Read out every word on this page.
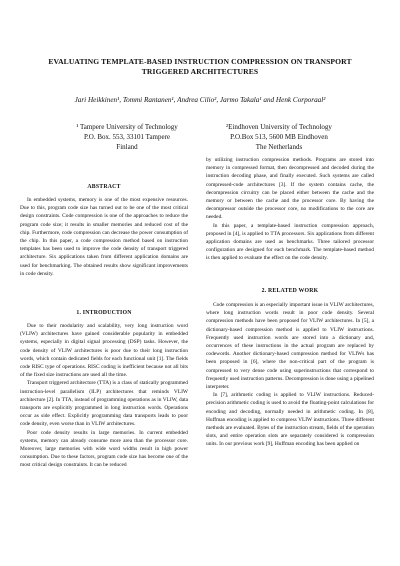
EVALUATING TEMPLATE-BASED INSTRUCTION COMPRESSION ON TRANSPORT TRIGGERED ARCHITECTURES
Jari Heikkinen¹, Tommi Rantanen¹, Andrea Cilio², Jarmo Takala¹ and Henk Corporaal²
¹ Tampere University of Technology
P.O. Box. 553, 33101 Tampere
Finland
²Eindhoven University of Technology
P.O.Box 513, 5600 MB Eindhoven
The Netherlands
ABSTRACT

In embedded systems, memory is one of the most expensive resources. Due to this, program code size has turned out to be one of the most critical design constraints. Code compression is one of the approaches to reduce the program code size; it results in smaller memories and reduced cost of the chip. Furthermore, code compression can decrease the power consumption of the chip. In this paper, a code compression method based on instruction templates has been used to improve the code density of transport triggered architecture. Six applications taken from different application domains are used for benchmarking. The obtained results show significant improvements in code density.

1. INTRODUCTION

Due to their modularity and scalability, very long instruction word (VLIW) architectures have gained considerable popularity in embedded systems, especially in digital signal processing (DSP) tasks. However, the code density of VLIW architectures is poor due to their long instruction words, which contain dedicated fields for each functional unit [1]. The fields code RISC type of operations. RISC coding is inefficient because not all bits of the fixed size instructions are used all the time.

Transport triggered architecture (TTA) is a class of statically programmed instruction-level parallelism (ILP) architectures that reminds VLIW architecture [2]. In TTA, instead of programming operations as in VLIW, data transports are explicitly programmed in long instruction words. Operations occur as side effect. Explicitly programming data transports leads to poor code density, even worse than in VLIW architectures.

Poor code density results in large memories. In current embedded systems, memory can already consume more area than the processor core. Moreover, large memories with wide word widths result in high power consumption. Due to these factors, program code size has become one of the most critical design constraints. It can be reduced

by utilizing instruction compression methods. Programs are stored into memory in compressed format, then decompressed and decoded during the instruction decoding phase, and finally executed. Such systems are called compressed-code architectures [3]. If the system contains cache, the decompression circuitry can be placed either between the cache and the memory or between the cache and the processor core. By having the decompressor outside the processor core, no modifications to the core are needed.

In this paper, a template-based instruction compression approach, proposed in [4], is applied to TTA processors. Six applications from different application domains are used as benchmarks. Three tailored processor configuration are designed for each benchmark. The template-based method is then applied to evaluate the effect on the code density.

2. RELATED WORK

Code compression is an especially important issue in VLIW architectures, where long instruction words result in poor code density. Several compression methods have been proposed for VLIW architectures. In [5], a dictionary-based compression method is applied to VLIW instructions. Frequently used instruction words are stored into a dictionary and, occurrences of these instructions in the actual program are replaced by codewords. Another dictionary-based compression method for VLIWs has been proposed in [6], where the non-critical part of the program is compressed to very dense code using superinstructions that correspond to frequently used instruction patterns. Decompression is done using a pipelined interpreter.

In [7], arithmetic coding is applied to VLIW instructions. Reduced-precision arithmetic coding is used to avoid the floating-point calculations for encoding and decoding, normally needed in arithmetic coding. In [8], Huffman encoding is applied to compress VLIW instructions. Three different methods are evaluated. Bytes of the instruction stream, fields of the operation slots, and entire operation slots are separately considered is compression units. In our previous work [9], Huffman encoding has been applied on
